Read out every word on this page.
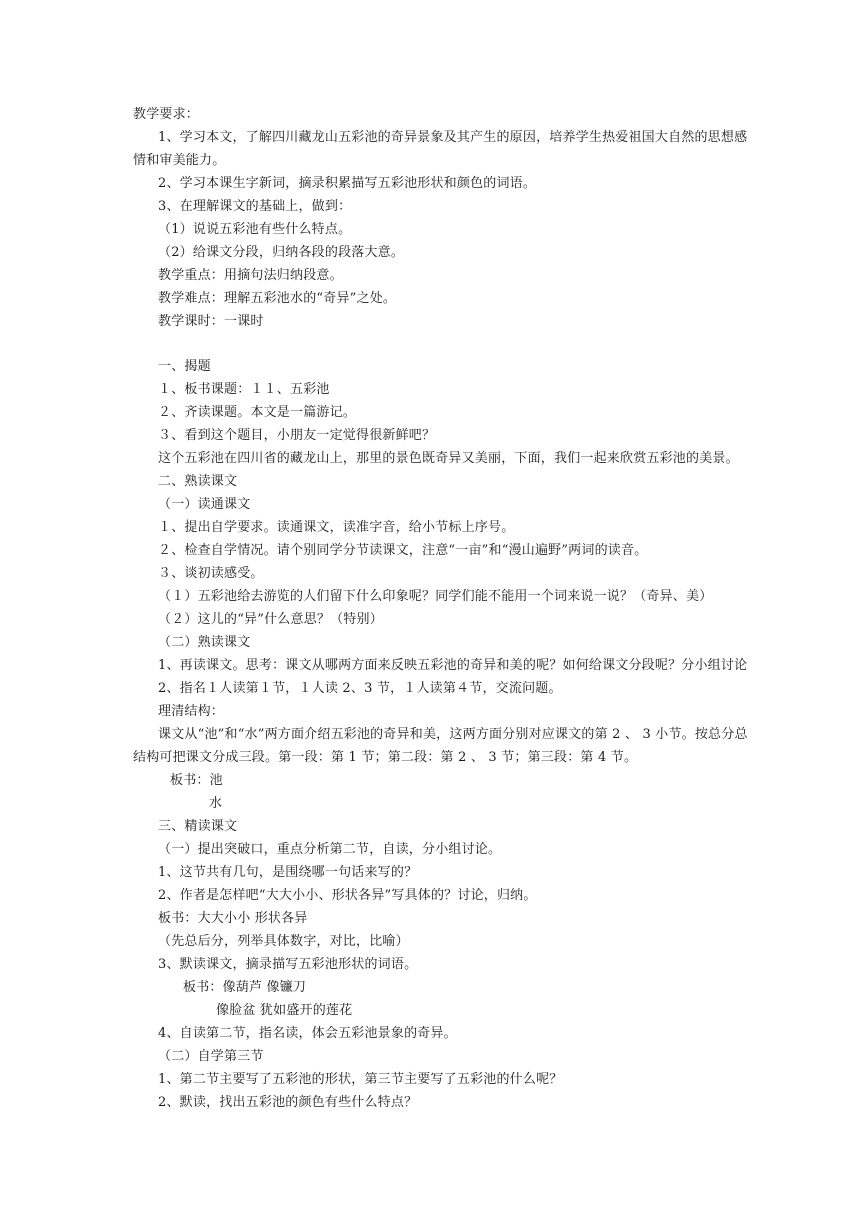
教学要求：
1、学习本文，了解四川藏龙山五彩池的奇异景象及其产生的原因，培养学生热爱祖国大自然的思想感
情和审美能力。
2、学习本课生字新词，摘录积累描写五彩池形状和颜色的词语。
3、在理解课文的基础上，做到：
（1）说说五彩池有些什么特点。
（2）给课文分段，归纳各段的段落大意。
教学重点：用摘句法归纳段意。
教学难点：理解五彩池水的“奇异”之处。
教学课时：一课时
一、揭题
１、板书课题：１１、五彩池
２、齐读课题。本文是一篇游记。
３、看到这个题目，小朋友一定觉得很新鲜吧？
这个五彩池在四川省的藏龙山上，那里的景色既奇异又美丽，下面，我们一起来欣赏五彩池的美景。
二、熟读课文
（一）读通课文
１、提出自学要求。读通课文，读准字音，给小节标上序号。
２、检查自学情况。请个别同学分节读课文，注意“一亩”和“漫山遍野”两词的读音。
３、谈初读感受。
（１）五彩池给去游览的人们留下什么印象呢？同学们能不能用一个词来说一说？（奇异、美）
（２）这儿的“异”什么意思？（特别）
（二）熟读课文
1、再读课文。思考：课文从哪两方面来反映五彩池的奇异和美的呢？如何给课文分段呢？分小组讨论
2、指名１人读第１节，１人读 2、3 节，１人读第４节，交流问题。
理清结构：
课文从“池”和“水”两方面介绍五彩池的奇异和美，这两方面分别对应课文的第 2 、 3 小节。按总分总
结构可把课文分成三段。第一段：第 1 节；第二段：第 2 、 3 节；第三段：第 4 节。
板书：池
水
三、精读课文
（一）提出突破口，重点分析第二节，自读，分小组讨论。
1、这节共有几句，是围绕哪一句话来写的？
2、作者是怎样吧“大大小小、形状各异”写具体的？讨论，归纳。
板书：大大小小 形状各异
（先总后分，列举具体数字，对比，比喻）
3、默读课文，摘录描写五彩池形状的词语。
板书：像葫芦 像镰刀
像脸盆 犹如盛开的莲花
4、自读第二节，指名读，体会五彩池景象的奇异。
（二）自学第三节
1、第二节主要写了五彩池的形状，第三节主要写了五彩池的什么呢？
2、默读，找出五彩池的颜色有些什么特点？
